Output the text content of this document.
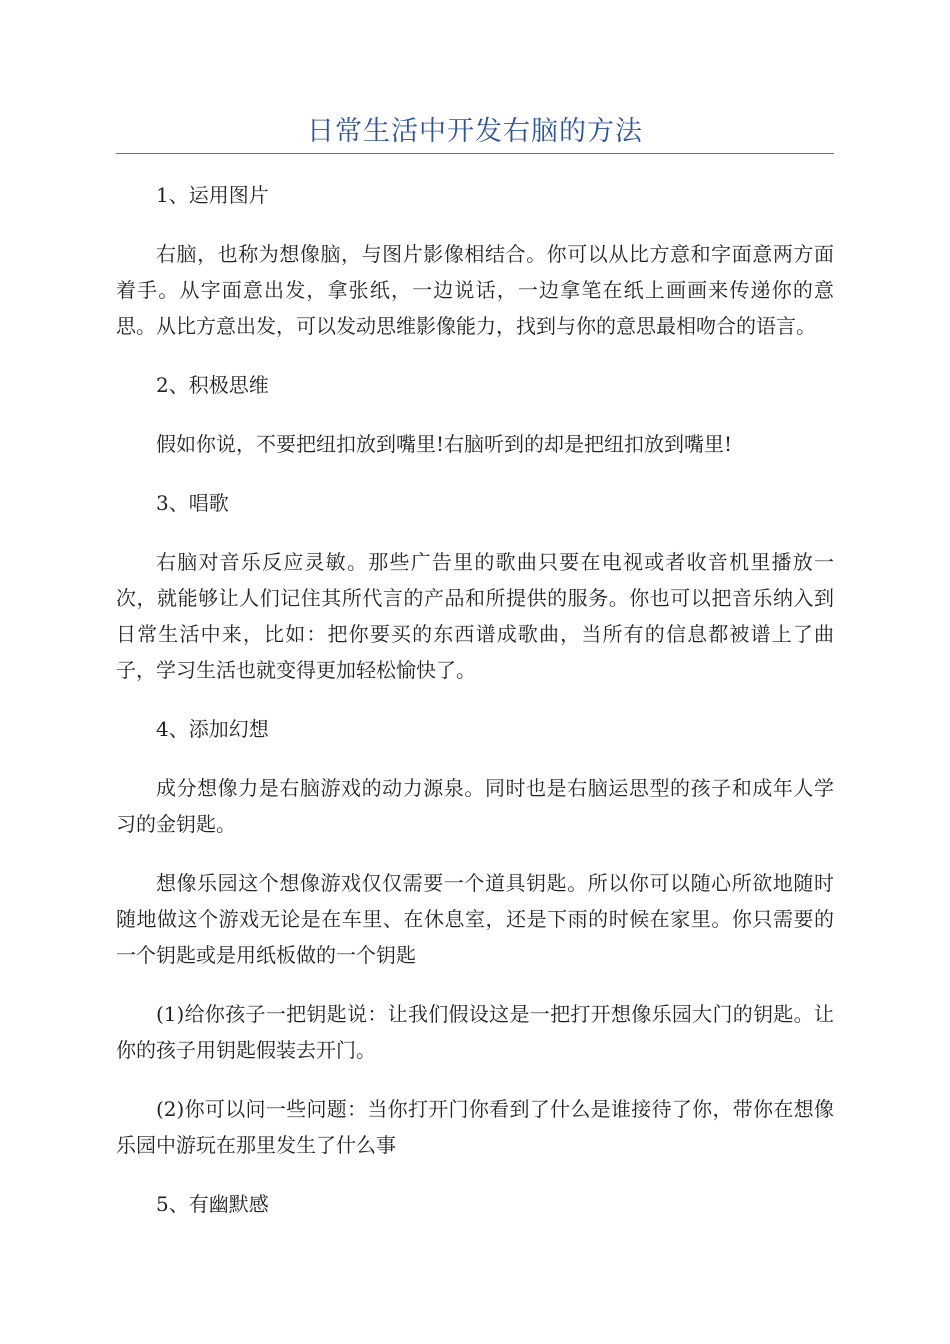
日常生活中开发右脑的方法

1、运用图片

右脑，也称为想像脑，与图片影像相结合。你可以从比方意和字面意两方面着手。从字面意出发，拿张纸，一边说话，一边拿笔在纸上画画来传递你的意思。从比方意出发，可以发动思维影像能力，找到与你的意思最相吻合的语言。

2、积极思维

假如你说，不要把纽扣放到嘴里!右脑听到的却是把纽扣放到嘴里!

3、唱歌

右脑对音乐反应灵敏。那些广告里的歌曲只要在电视或者收音机里播放一次，就能够让人们记住其所代言的产品和所提供的服务。你也可以把音乐纳入到日常生活中来，比如：把你要买的东西谱成歌曲，当所有的信息都被谱上了曲子，学习生活也就变得更加轻松愉快了。

4、添加幻想

成分想像力是右脑游戏的动力源泉。同时也是右脑运思型的孩子和成年人学习的金钥匙。

想像乐园这个想像游戏仅仅需要一个道具钥匙。所以你可以随心所欲地随时随地做这个游戏无论是在车里、在休息室，还是下雨的时候在家里。你只需要的一个钥匙或是用纸板做的一个钥匙

(1)给你孩子一把钥匙说：让我们假设这是一把打开想像乐园大门的钥匙。让你的孩子用钥匙假装去开门。

(2)你可以问一些问题：当你打开门你看到了什么是谁接待了你，带你在想像乐园中游玩在那里发生了什么事

5、有幽默感
